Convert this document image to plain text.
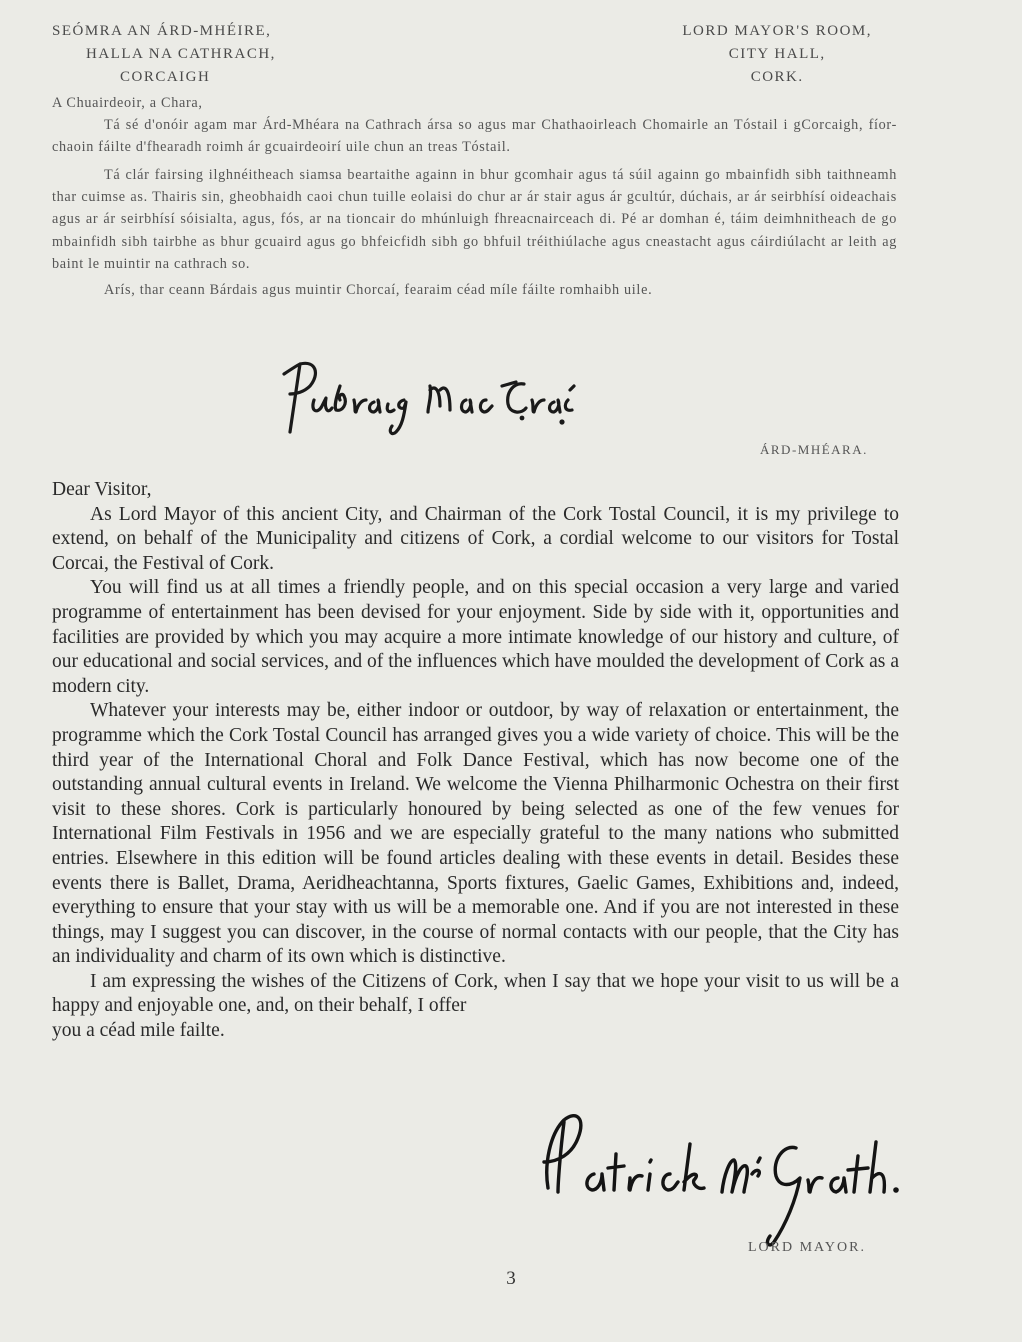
SEÓMRA AN ÁRD-MHÉIRE,
HALLA NA CATHRACH,
CORCAIGH
LORD MAYOR'S ROOM,
CITY HALL,
CORK.

A Chuairdeoir, a Chara,

Tá sé d'onóir agam mar Árd-Mhéara na Cathrach ársa so agus mar Chathaoirleach Chomairle an Tóstail i gCorcaigh, fíor-chaoin fáilte d'fhearadh roimh ár gcuairdeoirí uile chun an treas Tóstail.

Tá clár fairsing ilghnéitheach siamsa beartaithe againn in bhur gcomhair agus tá súil againn go mbainfidh sibh taithneamh thar cuimse as. Thairis sin, gheobhaidh caoi chun tuille eolaisi do chur ar ár stair agus ár gcultúr, dúchais, ar ár seirbhísí oideachais agus ar ár seirbhísí sóisialta, agus, fós, ar na tioncair do mhúnluigh fhreacnairceach di. Pé ar domhan é, táim deimhnitheach de go mbainfidh sibh tairbhe as bhur gcuaird agus go bhfeicfidh sibh go bhfuil tréithiúlache agus cneastacht agus cáirdiúlacht ar leith ag baint le muintir na cathrach so.

Arís, thar ceann Bárdais agus muintir Chorcaí, fearaim céad míle fáilte romhaibh uile.

ÁRD-MHÉARA.

Dear Visitor,

As Lord Mayor of this ancient City, and Chairman of the Cork Tostal Council, it is my privilege to extend, on behalf of the Municipality and citizens of Cork, a cordial welcome to our visitors for Tostal Corcai, the Festival of Cork.

You will find us at all times a friendly people, and on this special occasion a very large and varied programme of entertainment has been devised for your enjoyment. Side by side with it, opportunities and facilities are provided by which you may acquire a more intimate knowledge of our history and culture, of our educational and social services, and of the influences which have moulded the development of Cork as a modern city.

Whatever your interests may be, either indoor or outdoor, by way of relaxation or entertainment, the programme which the Cork Tostal Council has arranged gives you a wide variety of choice. This will be the third year of the International Choral and Folk Dance Festival, which has now become one of the outstanding annual cultural events in Ireland. We welcome the Vienna Philharmonic Ochestra on their first visit to these shores. Cork is particularly honoured by being selected as one of the few venues for International Film Festivals in 1956 and we are especially grateful to the many nations who submitted entries. Elsewhere in this edition will be found articles dealing with these events in detail. Besides these events there is Ballet, Drama, Aeridheachtanna, Sports fixtures, Gaelic Games, Exhibitions and, indeed, everything to ensure that your stay with us will be a memorable one. And if you are not interested in these things, may I suggest you can discover, in the course of normal contacts with our people, that the City has an individuality and charm of its own which is distinctive.

I am expressing the wishes of the Citizens of Cork, when I say that we hope your visit to us will be a happy and enjoyable one, and, on their behalf, I offer

you a céad mile failte.

LORD MAYOR.
3
